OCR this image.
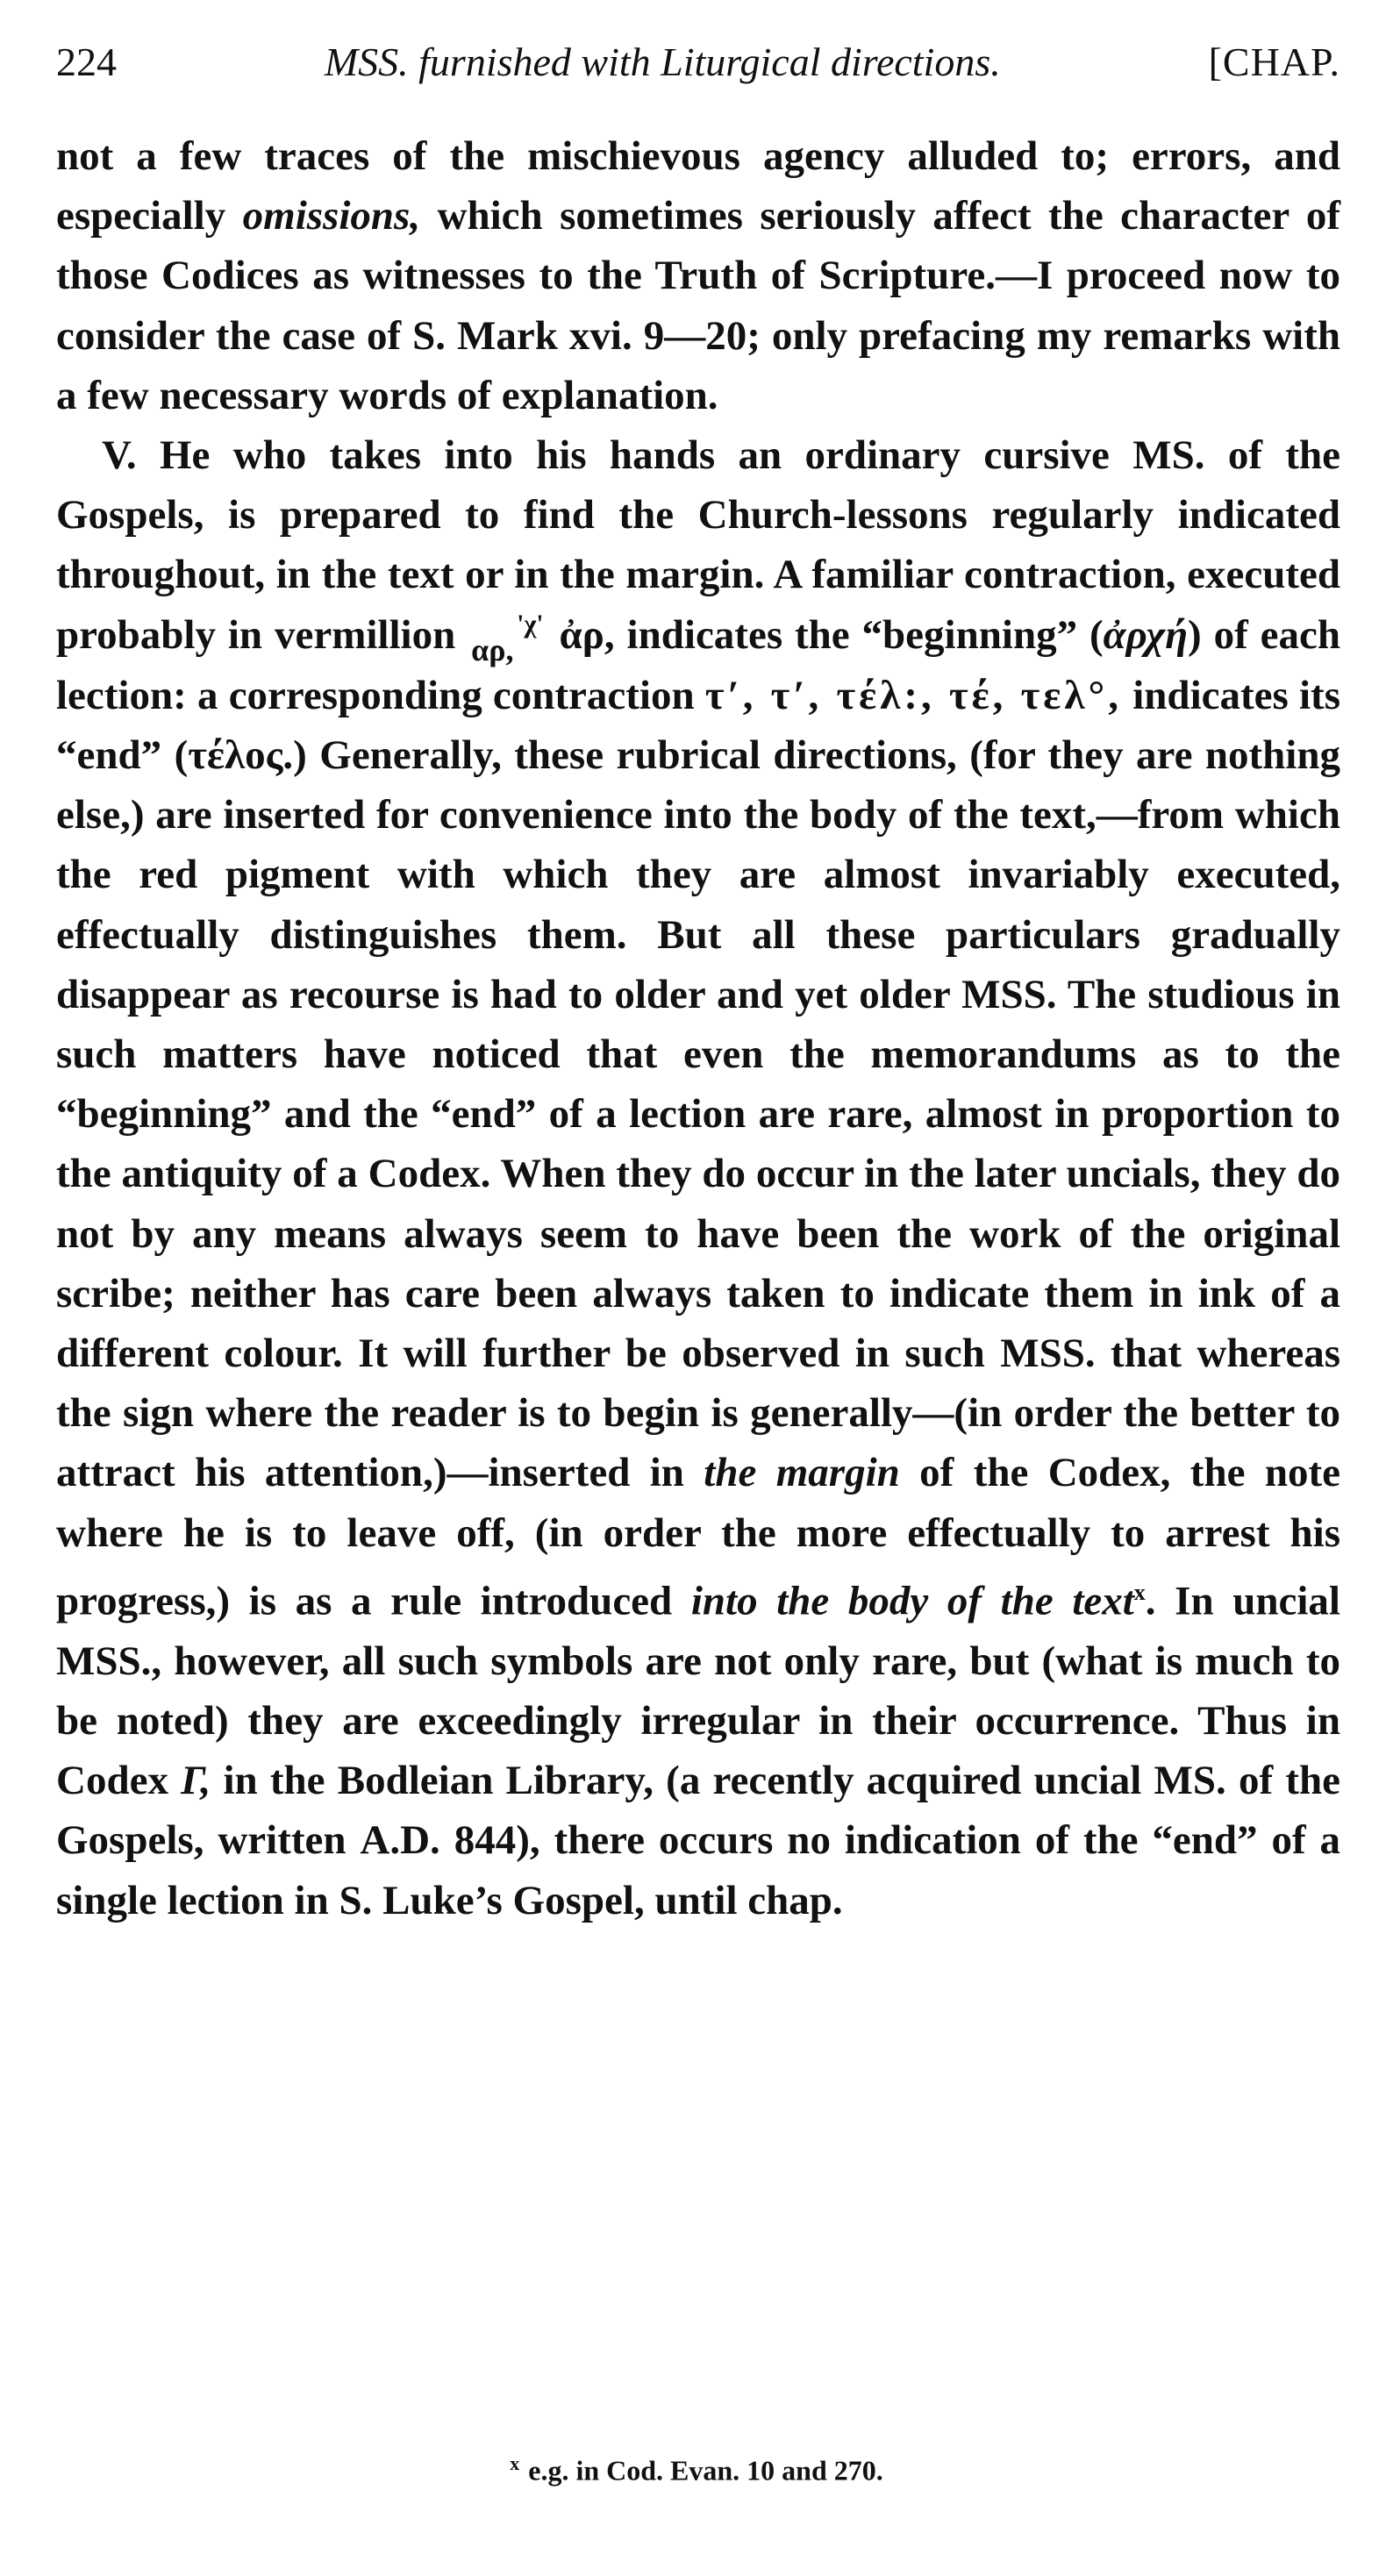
224	MSS. furnished with Liturgical directions.	[CHAP.

not a few traces of the mischievous agency alluded to; errors, and especially omissions, which sometimes seriously affect the character of those Codices as witnesses to the Truth of Scripture.—I proceed now to consider the case of S. Mark xvi. 9—20; only prefacing my remarks with a few necessary words of explanation.

V. He who takes into his hands an ordinary cursive MS. of the Gospels, is prepared to find the Church-lessons regularly indicated throughout, in the text or in the margin. A familiar contraction, executed probably in vermillion	'χ'
αρ, ἀρ, indicates the “beginning” (ἀρχή) of each lection: a corresponding contraction τ′, τ′, τέλ:, τέ, τελ°, indicates its “end” (τέλος.) Generally, these rubrical directions, (for they are nothing else,) are inserted for convenience into the body of the text,—from which the red pigment with which they are almost invariably executed, effectually distinguishes them. But all these particulars gradually disappear as recourse is had to older and yet older MSS. The studious in such matters have noticed that even the memorandums as to the “beginning” and the “end” of a lection are rare, almost in proportion to the antiquity of a Codex. When they do occur in the later uncials, they do not by any means always seem to have been the work of the original scribe; neither has care been always taken to indicate them in ink of a different colour. It will further be observed in such MSS. that whereas the sign where the reader is to begin is generally—(in order the better to attract his attention,)—inserted in the margin of the Codex, the note where he is to leave off, (in order the more effectually to arrest his progress,) is as a rule introduced into the body of the text$^x$. In uncial MSS., however, all such symbols are not only rare, but (what is much to be noted) they are exceedingly irregular in their occurrence. Thus in Codex Γ, in the Bodleian Library, (a recently acquired uncial MS. of the Gospels, written A.D. 844), there occurs no indication of the “end” of a single lection in S. Luke’s Gospel, until chap.

$^x$ e.g. in Cod. Evan. 10 and 270.
